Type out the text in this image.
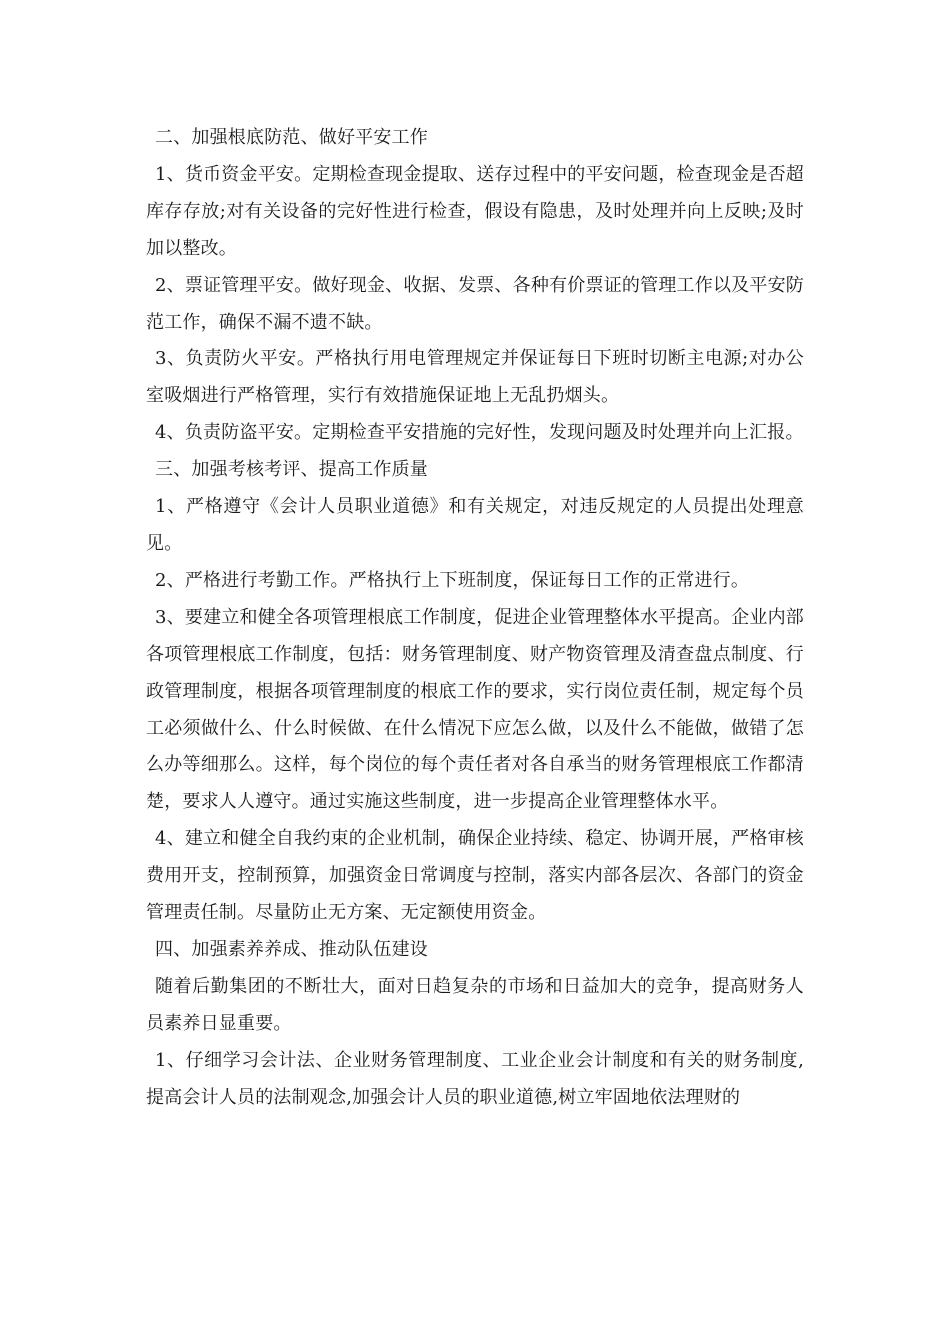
二、加强根底防范、做好平安工作

1、货币资金平安。定期检查现金提取、送存过程中的平安问题，检查现金是否超库存存放;对有关设备的完好性进行检查，假设有隐患，及时处理并向上反映;及时加以整改。

2、票证管理平安。做好现金、收据、发票、各种有价票证的管理工作以及平安防范工作，确保不漏不遗不缺。

3、负责防火平安。严格执行用电管理规定并保证每日下班时切断主电源;对办公室吸烟进行严格管理，实行有效措施保证地上无乱扔烟头。

4、负责防盗平安。定期检查平安措施的完好性，发现问题及时处理并向上汇报。

三、加强考核考评、提高工作质量

1、严格遵守《会计人员职业道德》和有关规定，对违反规定的人员提出处理意见。

2、严格进行考勤工作。严格执行上下班制度，保证每日工作的正常进行。

3、要建立和健全各项管理根底工作制度，促进企业管理整体水平提高。企业内部各项管理根底工作制度，包括：财务管理制度、财产物资管理及清查盘点制度、行政管理制度，根据各项管理制度的根底工作的要求，实行岗位责任制，规定每个员工必须做什么、什么时候做、在什么情况下应怎么做，以及什么不能做，做错了怎么办等细那么。这样，每个岗位的每个责任者对各自承当的财务管理根底工作都清楚，要求人人遵守。通过实施这些制度，进一步提高企业管理整体水平。

4、建立和健全自我约束的企业机制，确保企业持续、稳定、协调开展，严格审核费用开支，控制预算，加强资金日常调度与控制，落实内部各层次、各部门的资金管理责任制。尽量防止无方案、无定额使用资金。

四、加强素养养成、推动队伍建设

随着后勤集团的不断壮大，面对日趋复杂的市场和日益加大的竞争，提高财务人员素养日显重要。

1、仔细学习会计法、企业财务管理制度、工业企业会计制度和有关的财务制度,提高会计人员的法制观念,加强会计人员的职业道德,树立牢固地依法理财的
